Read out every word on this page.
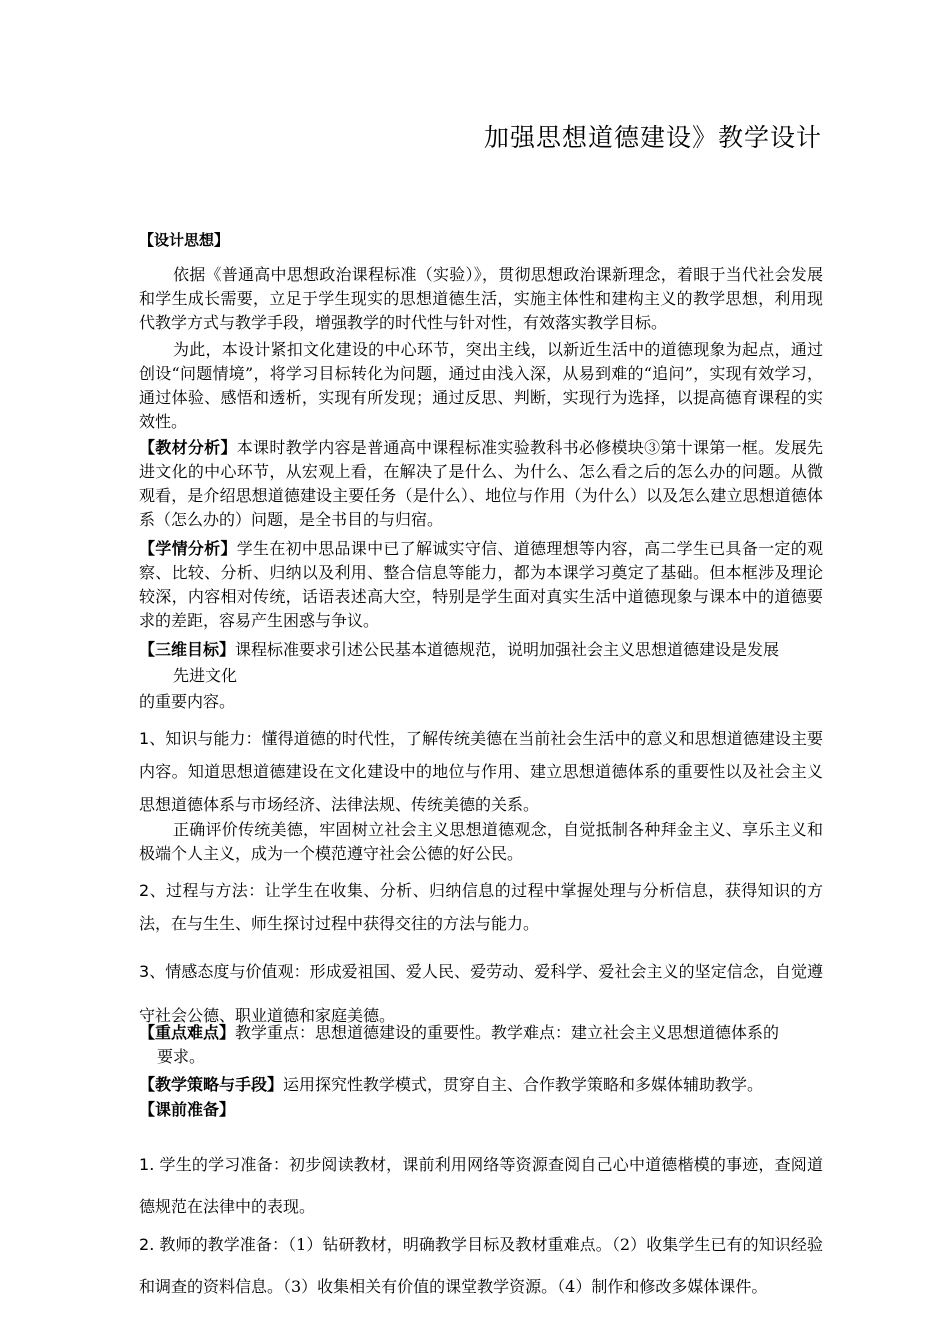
加强思想道德建设》教学设计
【设计思想】
依据《普通高中思想政治课程标准（实验）》，贯彻思想政治课新理念，着眼于当代社会发展和学生成长需要，立足于学生现实的思想道德生活，实施主体性和建构主义的教学思想，利用现代教学方式与教学手段，增强教学的时代性与针对性，有效落实教学目标。
为此，本设计紧扣文化建设的中心环节，突出主线，以新近生活中的道德现象为起点，通过创设“问题情境”，将学习目标转化为问题，通过由浅入深，从易到难的“追问”，实现有效学习，通过体验、感悟和透析，实现有所发现；通过反思、判断，实现行为选择，以提高德育课程的实效性。
【教材分析】本课时教学内容是普通高中课程标准实验教科书必修模块③第十课第一框。发展先进文化的中心环节，从宏观上看，在解决了是什么、为什么、怎么看之后的怎么办的问题。从微观看，是介绍思想道德建设主要任务（是什么）、地位与作用（为什么）以及怎么建立思想道德体系（怎么办的）问题，是全书目的与归宿。
【学情分析】学生在初中思品课中已了解诚实守信、道德理想等内容，高二学生已具备一定的观察、比较、分析、归纳以及利用、整合信息等能力，都为本课学习奠定了基础。但本框涉及理论较深，内容相对传统，话语表述高大空，特别是学生面对真实生活中道德现象与课本中的道德要求的差距，容易产生困惑与争议。
【三维目标】课程标准要求引述公民基本道德规范，说明加强社会主义思想道德建设是发展
先进文化
的重要内容。
1、知识与能力：懂得道德的时代性，了解传统美德在当前社会生活中的意义和思想道德建设主要内容。知道思想道德建设在文化建设中的地位与作用、建立思想道德体系的重要性以及社会主义思想道德体系与市场经济、法律法规、传统美德的关系。
正确评价传统美德，牢固树立社会主义思想道德观念，自觉抵制各种拜金主义、享乐主义和极端个人主义，成为一个模范遵守社会公德的好公民。
2、过程与方法：让学生在收集、分析、归纳信息的过程中掌握处理与分析信息，获得知识的方法，在与生生、师生探讨过程中获得交往的方法与能力。
3、情感态度与价值观：形成爱祖国、爱人民、爱劳动、爱科学、爱社会主义的坚定信念，自觉遵守社会公德、职业道德和家庭美德。
【重点难点】教学重点：思想道德建设的重要性。教学难点：建立社会主义思想道德体系的
要求。
【教学策略与手段】运用探究性教学模式，贯穿自主、合作教学策略和多媒体辅助教学。
【课前准备】
1. 学生的学习准备：初步阅读教材，课前利用网络等资源查阅自己心中道德楷模的事迹，查阅道德规范在法律中的表现。
2. 教师的教学准备：（1）钻研教材，明确教学目标及教材重难点。（2）收集学生已有的知识经验和调查的资料信息。（3）收集相关有价值的课堂教学资源。（4）制作和修改多媒体课件。
